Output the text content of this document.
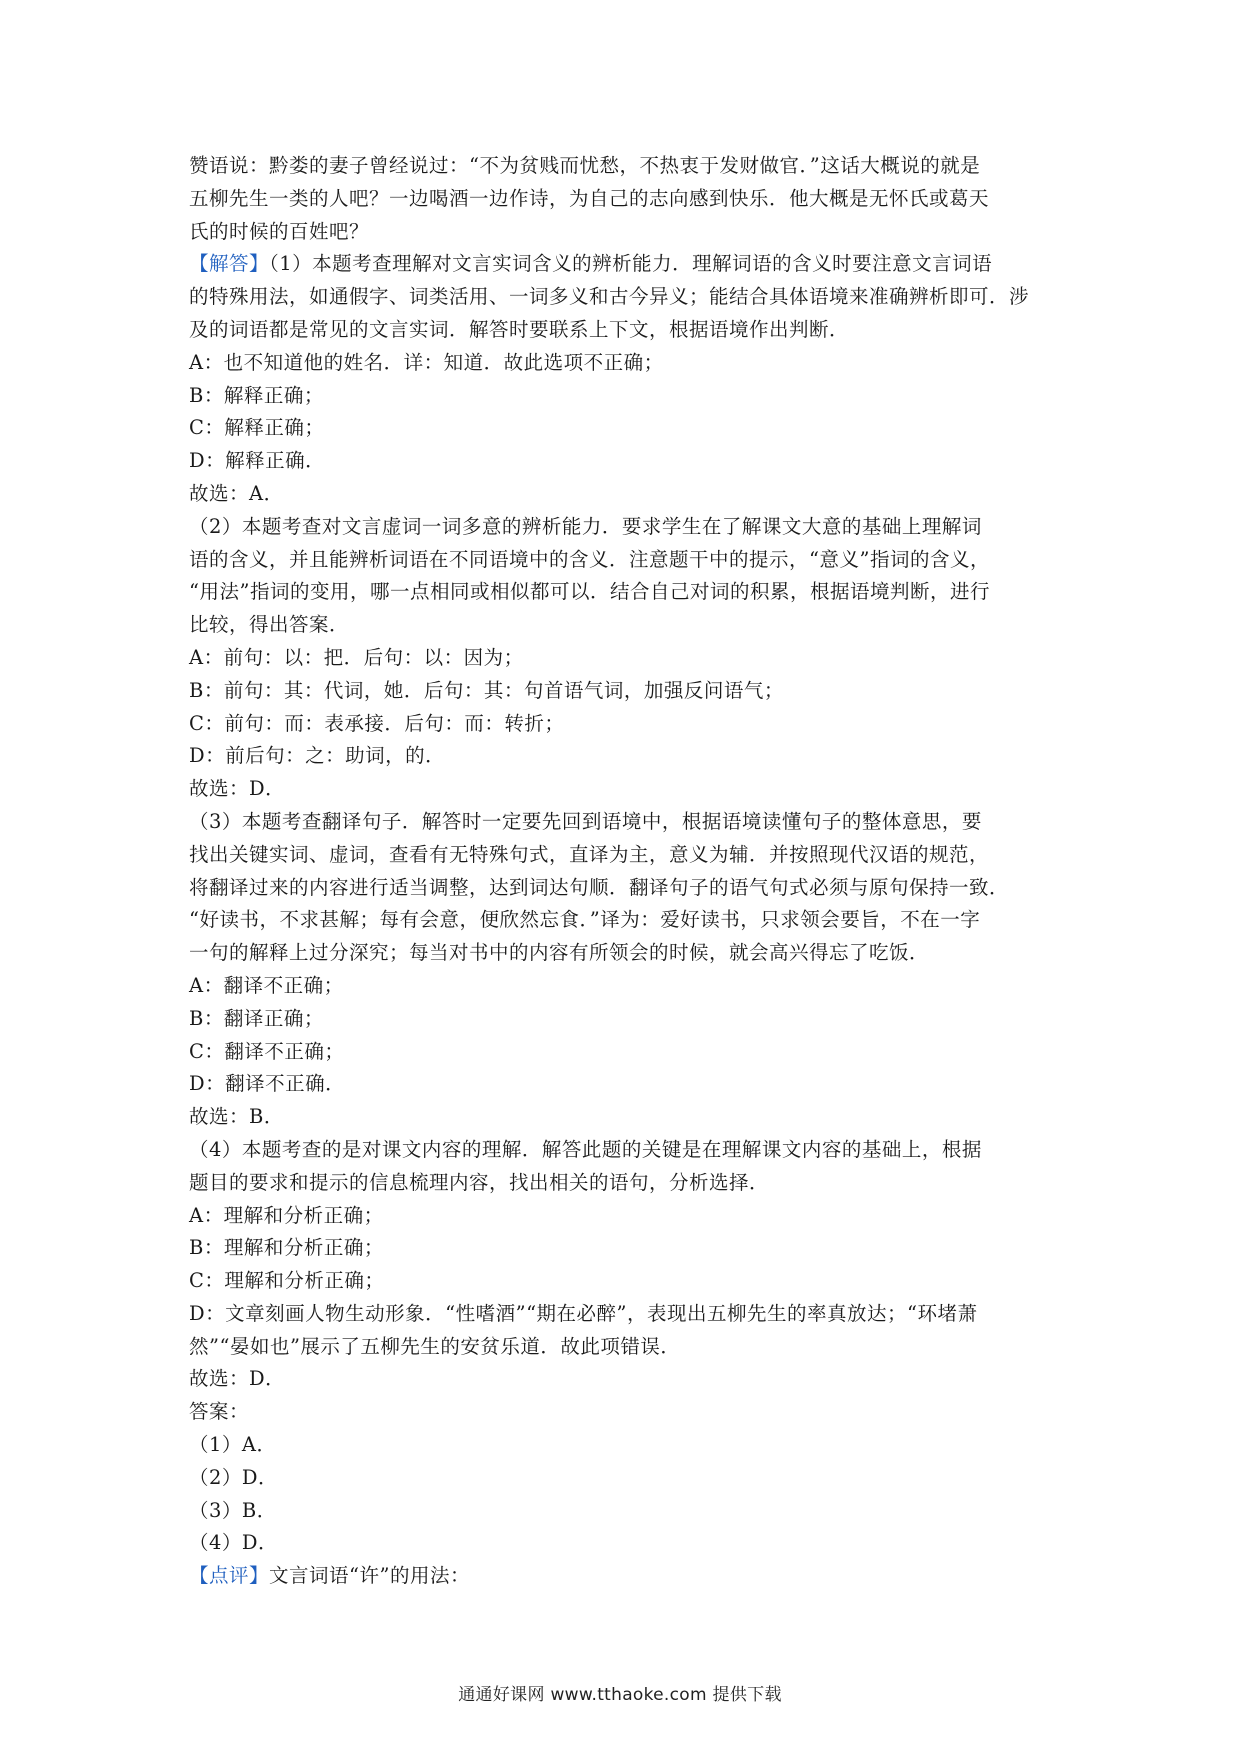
赞语说：黔娄的妻子曾经说过：“不为贫贱而忧愁，不热衷于发财做官．”这话大概说的就是
五柳先生一类的人吧？一边喝酒一边作诗，为自己的志向感到快乐．他大概是无怀氏或葛天
氏的时候的百姓吧？
【解答】（1）本题考查理解对文言实词含义的辨析能力．理解词语的含义时要注意文言词语
的特殊用法，如通假字、词类活用、一词多义和古今异义；能结合具体语境来准确辨析即可．涉
及的词语都是常见的文言实词．解答时要联系上下文，根据语境作出判断．
A：也不知道他的姓名．详：知道．故此选项不正确；
B：解释正确；
C：解释正确；
D：解释正确．
故选：A．
（2）本题考查对文言虚词一词多意的辨析能力．要求学生在了解课文大意的基础上理解词
语的含义，并且能辨析词语在不同语境中的含义．注意题干中的提示，“意义”指词的含义，
“用法”指词的变用，哪一点相同或相似都可以．结合自己对词的积累，根据语境判断，进行
比较，得出答案．
A：前句：以：把．后句：以：因为；
B：前句：其：代词，她．后句：其：句首语气词，加强反问语气；
C：前句：而：表承接．后句：而：转折；
D：前后句：之：助词，的．
故选：D．
（3）本题考查翻译句子．解答时一定要先回到语境中，根据语境读懂句子的整体意思，要
找出关键实词、虚词，查看有无特殊句式，直译为主，意义为辅．并按照现代汉语的规范，
将翻译过来的内容进行适当调整，达到词达句顺．翻译句子的语气句式必须与原句保持一致．
“好读书，不求甚解；每有会意，便欣然忘食．”译为：爱好读书，只求领会要旨，不在一字
一句的解释上过分深究；每当对书中的内容有所领会的时候，就会高兴得忘了吃饭．
A：翻译不正确；
B：翻译正确；
C：翻译不正确；
D：翻译不正确．
故选：B．
（4）本题考查的是对课文内容的理解．解答此题的关键是在理解课文内容的基础上，根据
题目的要求和提示的信息梳理内容，找出相关的语句，分析选择．
A：理解和分析正确；
B：理解和分析正确；
C：理解和分析正确；
D：文章刻画人物生动形象．“性嗜酒”“期在必醉”，表现出五柳先生的率真放达；“环堵萧
然”“晏如也”展示了五柳先生的安贫乐道．故此项错误．
故选：D．
答案：
（1）A．
（2）D．
（3）B．
（4）D．
【点评】文言词语“许”的用法：
通通好课网 www.tthaoke.com 提供下载
